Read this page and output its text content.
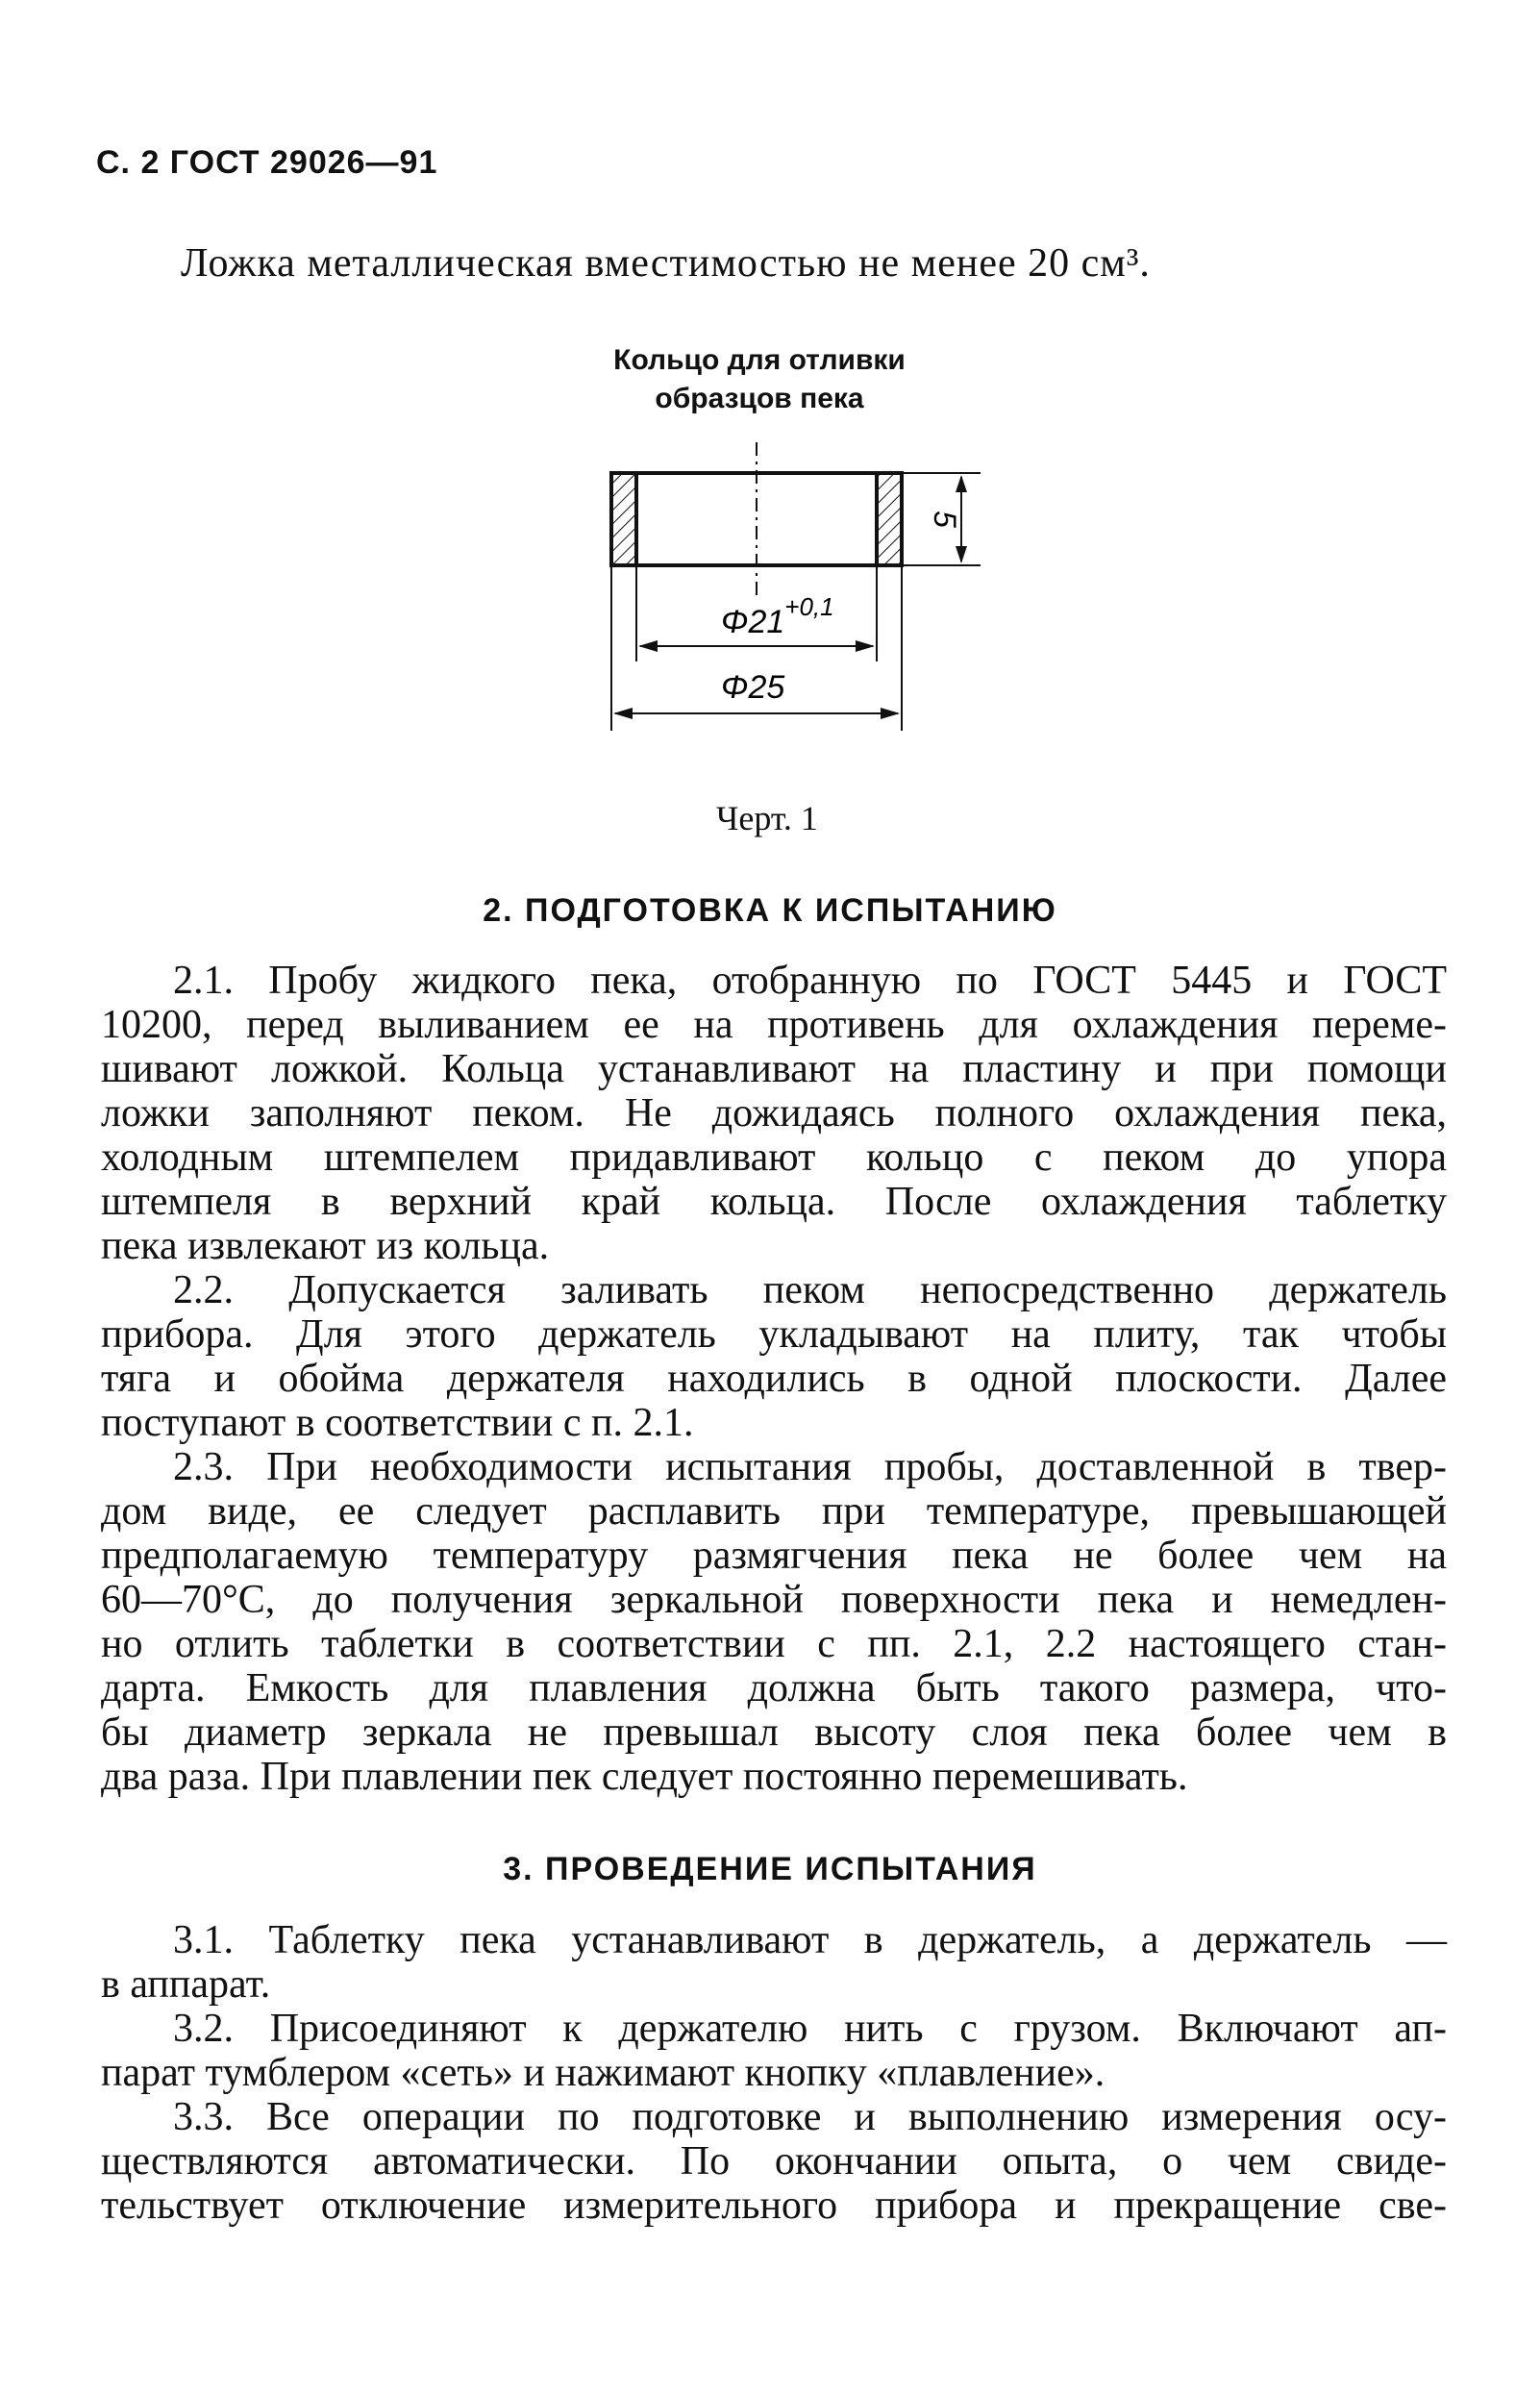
С. 2 ГОСТ 29026—91
Ложка металлическая вместимостью не менее 20 см³.
Кольцо для отливки
образцов пека
5
$\Phi 21^{+0,1}$
Φ25
Черт. 1
2. ПОДГОТОВКА К ИСПЫТАНИЮ
2.1. Пробу жидкого пека, отобранную по ГОСТ 5445 и ГОСТ
10200, перед выливанием ее на противень для охлаждения переме-
шивают ложкой. Кольца устанавливают на пластину и при помощи
ложки заполняют пеком. Не дожидаясь полного охлаждения пека,
холодным штемпелем придавливают кольцо с пеком до упора
штемпеля в верхний край кольца. После охлаждения таблетку
пека извлекают из кольца.
2.2. Допускается заливать пеком непосредственно держатель
прибора. Для этого держатель укладывают на плиту, так чтобы
тяга и обойма держателя находились в одной плоскости. Далее
поступают в соответствии с п. 2.1.
2.3. При необходимости испытания пробы, доставленной в твер-
дом виде, ее следует расплавить при температуре, превышающей
предполагаемую температуру размягчения пека не более чем на
60—70°С, до получения зеркальной поверхности пека и немедлен-
но отлить таблетки в соответствии с пп. 2.1, 2.2 настоящего стан-
дарта. Емкость для плавления должна быть такого размера, что-
бы диаметр зеркала не превышал высоту слоя пека более чем в
два раза. При плавлении пек следует постоянно перемешивать.
3. ПРОВЕДЕНИЕ ИСПЫТАНИЯ
3.1. Таблетку пека устанавливают в держатель, а держатель —
в аппарат.
3.2. Присоединяют к держателю нить с грузом. Включают ап-
парат тумблером «сеть» и нажимают кнопку «плавление».
3.3. Все операции по подготовке и выполнению измерения осу-
ществляются автоматически. По окончании опыта, о чем свиде-
тельствует отключение измерительного прибора и прекращение све-
